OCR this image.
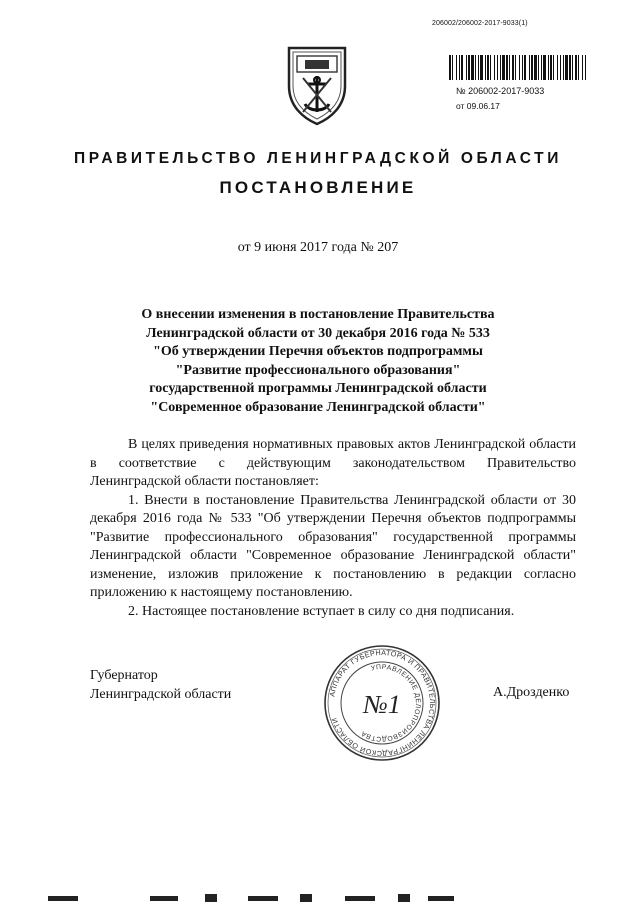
206002/206002-2017-9033(1)
№ 206002-2017-9033
от 09.06.17
ПРАВИТЕЛЬСТВО ЛЕНИНГРАДСКОЙ ОБЛАСТИ
ПОСТАНОВЛЕНИЕ
от 9 июня 2017 года № 207
О внесении изменения в постановление Правительства
Ленинградской области от 30 декабря 2016 года № 533
"Об утверждении Перечня объектов подпрограммы
"Развитие профессионального образования"
государственной программы Ленинградской области
"Современное образование Ленинградской области"

В целях приведения нормативных правовых актов Ленинградской области в соответствие с действующим законодательством Правительство Ленинградской области постановляет:

1. Внести в постановление Правительства Ленинградской области от 30 декабря 2016 года № 533 "Об утверждении Перечня объектов подпрограммы "Развитие профессионального образования" государственной программы Ленинградской области "Современное образование Ленинградской области" изменение, изложив приложение к постановлению в редакции согласно приложению к настоящему постановлению.

2. Настоящее постановление вступает в силу со дня подписания.

Губернатор
Ленинградской области	АППАРАТ ГУБЕРНАТОРА И ПРАВИТЕЛЬСТВА ЛЕНИНГРАДСКОЙ ОБЛАСТИ
УПРАВЛЕНИЕ ДЕЛОПРОИЗВОДСТВА
№1	А.Дрозденко
